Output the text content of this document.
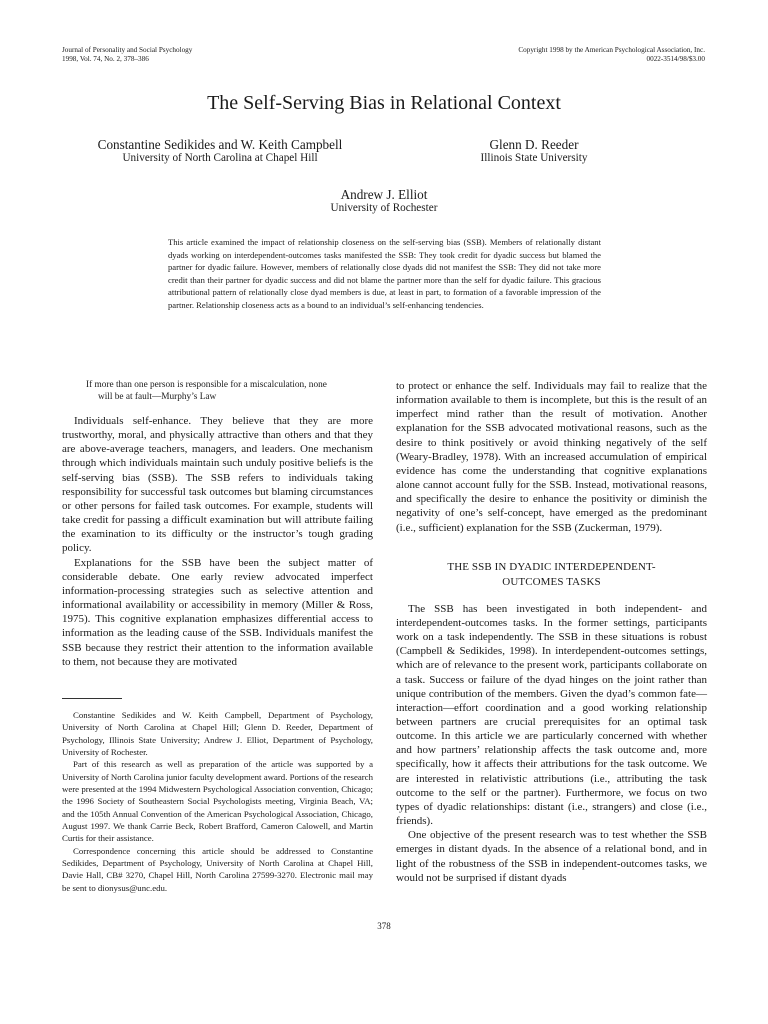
Journal of Personality and Social Psychology
1998, Vol. 74, No. 2, 378–386
Copyright 1998 by the American Psychological Association, Inc.
0022-3514/98/$3.00
The Self-Serving Bias in Relational Context
Constantine Sedikides and W. Keith Campbell
University of North Carolina at Chapel Hill
Glenn D. Reeder
Illinois State University
Andrew J. Elliot
University of Rochester
This article examined the impact of relationship closeness on the self-serving bias (SSB). Members of relationally distant dyads working on interdependent-outcomes tasks manifested the SSB: They took credit for dyadic success but blamed the partner for dyadic failure. However, members of relationally close dyads did not manifest the SSB: They did not take more credit than their partner for dyadic success and did not blame the partner more than the self for dyadic failure. This gracious attributional pattern of relationally close dyad members is due, at least in part, to formation of a favorable impression of the partner. Relationship closeness acts as a bound to an individual’s self-enhancing tendencies.
If more than one person is responsible for a miscalculation, none
will be at fault—Murphy’s Law

Individuals self-enhance. They believe that they are more trustworthy, moral, and physically attractive than others and that they are above-average teachers, managers, and leaders. One mechanism through which individuals maintain such unduly positive beliefs is the self-serving bias (SSB). The SSB refers to individuals taking responsibility for successful task outcomes but blaming circumstances or other persons for failed task outcomes. For example, students will take credit for passing a difficult examination but will attribute failing the examination to its difficulty or the instructor’s tough grading policy.

Explanations for the SSB have been the subject matter of considerable debate. One early review advocated imperfect information-processing strategies such as selective attention and informational availability or accessibility in memory (Miller & Ross, 1975). This cognitive explanation emphasizes differential access to information as the leading cause of the SSB. Individuals manifest the SSB because they restrict their attention to the information available to them, not because they are motivated

Constantine Sedikides and W. Keith Campbell, Department of Psychology, University of North Carolina at Chapel Hill; Glenn D. Reeder, Department of Psychology, Illinois State University; Andrew J. Elliot, Department of Psychology, University of Rochester.

Part of this research as well as preparation of the article was supported by a University of North Carolina junior faculty development award. Portions of the research were presented at the 1994 Midwestern Psychological Association convention, Chicago; the 1996 Society of Southeastern Social Psychologists meeting, Virginia Beach, VA; and the 105th Annual Convention of the American Psychological Association, Chicago, August 1997. We thank Carrie Beck, Robert Brafford, Cameron Calowell, and Martin Curtis for their assistance.

Correspondence concerning this article should be addressed to Constantine Sedikides, Department of Psychology, University of North Carolina at Chapel Hill, Davie Hall, CB# 3270, Chapel Hill, North Carolina 27599-3270. Electronic mail may be sent to dionysus@unc.edu.

to protect or enhance the self. Individuals may fail to realize that the information available to them is incomplete, but this is the result of an imperfect mind rather than the result of motivation. Another explanation for the SSB advocated motivational reasons, such as the desire to think positively or avoid thinking negatively of the self (Weary-Bradley, 1978). With an increased accumulation of empirical evidence has come the understanding that cognitive explanations alone cannot account fully for the SSB. Instead, motivational reasons, and specifically the desire to enhance the positivity or diminish the negativity of one’s self-concept, have emerged as the predominant (i.e., sufficient) explanation for the SSB (Zuckerman, 1979).

THE SSB IN DYADIC INTERDEPENDENT-
OUTCOMES TASKS

The SSB has been investigated in both independent- and interdependent-outcomes tasks. In the former settings, participants work on a task independently. The SSB in these situations is robust (Campbell & Sedikides, 1998). In interdependent-outcomes settings, which are of relevance to the present work, participants collaborate on a task. Success or failure of the dyad hinges on the joint rather than unique contribution of the members. Given the dyad’s common fate—interaction—effort coordination and a good working relationship between partners are crucial prerequisites for an optimal task outcome. In this article we are particularly concerned with whether and how partners’ relationship affects the task outcome and, more specifically, how it affects their attributions for the task outcome. We are interested in relativistic attributions (i.e., attributing the task outcome to the self or the partner). Furthermore, we focus on two types of dyadic relationships: distant (i.e., strangers) and close (i.e., friends).

One objective of the present research was to test whether the SSB emerges in distant dyads. In the absence of a relational bond, and in light of the robustness of the SSB in independent-outcomes tasks, we would not be surprised if distant dyads

378
